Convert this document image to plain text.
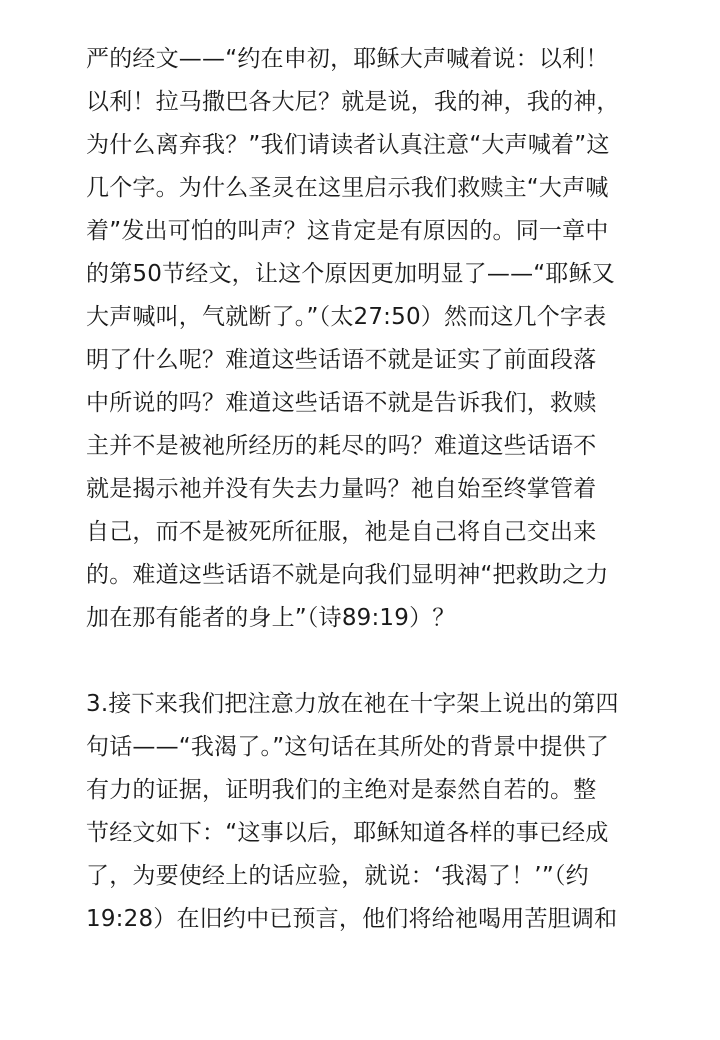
严的经文——“约在申初，耶稣大声喊着说：以利！
以利！拉马撒巴各大尼？就是说，我的神，我的神，
为什么离弃我？”我们请读者认真注意“大声喊着”这
几个字。为什么圣灵在这里启示我们救赎主“大声喊
着”发出可怕的叫声？这肯定是有原因的。同一章中
的第50节经文，让这个原因更加明显了——“耶稣又
大声喊叫，气就断了。”（太27:50）然而这几个字表
明了什么呢？难道这些话语不就是证实了前面段落
中所说的吗？难道这些话语不就是告诉我们，救赎
主并不是被祂所经历的耗尽的吗？难道这些话语不
就是揭示祂并没有失去力量吗？祂自始至终掌管着
自己，而不是被死所征服，祂是自己将自己交出来
的。难道这些话语不就是向我们显明神“把救助之力
加在那有能者的身上”（诗89:19）？
3.接下来我们把注意力放在祂在十字架上说出的第四
句话——“我渴了。”这句话在其所处的背景中提供了
有力的证据，证明我们的主绝对是泰然自若的。整
节经文如下：“这事以后，耶稣知道各样的事已经成
了，为要使经上的话应验，就说：‘我渴了！’”（约
19:28）在旧约中已预言，他们将给祂喝用苦胆调和
